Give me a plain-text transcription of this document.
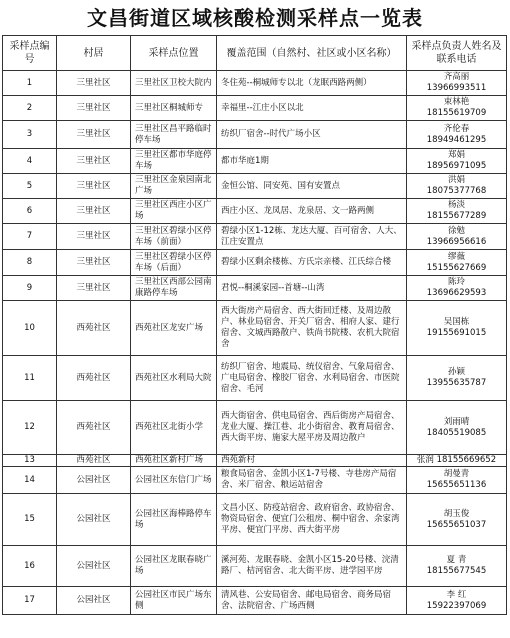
文昌街道区域核酸检测采样点一览表
采样点编号	村居	采样点位置	覆盖范围（自然村、社区或小区名称）	采样点负责人姓名及联系电话
1	三里社区	三里社区卫校大院内	冬住苑--桐城师专以北（龙眠西路两侧）	齐高丽
13966993511

2	三里社区	三里社区桐城师专	幸福里--江庄小区以北	束林艳
18155619709

3	三里社区	三里社区昌平路临时停车场	纺织厂宿舍--时代广场小区	齐伦春
18949461295

4	三里社区	三里社区都市华庭停车场	都市华庭1期	郑娟
18956971095

5	三里社区	三里社区金泉园南北广场	金恒公馆、同安苑、国有安置点	洪娟
18075377768

6	三里社区	三里社区西庄小区广场	西庄小区、龙凤居、龙泉居、文一路两侧	杨淡
18155677289

7	三里社区	三里社区碧绿小区停车场（前面）	碧绿小区1-12栋、龙达大厦、百可宿舍、人大、江庄安置点	徐勉
13966956616

8	三里社区	三里社区碧绿小区停车场（后面）	碧绿小区剩余楼栋、方氏宗亲楼、江氏综合楼	缪薇
15155627669

9	三里社区	三里社区西部公园南康路停车场	君悦--桐溪家园--首塘--山湾	陈玲
13696629593

10	西苑社区	西苑社区龙安广场	西大街房产局宿舍、西大街回迁楼、及周边散户、林业局宿舍、开关厂宿舍、相府人家、建行宿舍、文城西路散户、铁尚书院楼、农机大院宿舍	吴国栋
19155691015

11	西苑社区	西苑社区水利局大院	纺织厂宿舍、地震局、统仪宿舍、气象局宿舍、广电局宿舍、橡胶厂宿舍、水利局宿舍、市医院宿舍、毛河	孙颖
13955635787

12	西苑社区	西苑社区北街小学	西大街宿舍、供电局宿舍、西后街房产局宿舍、龙业大厦、操江巷、北小街宿舍、教育局宿舍、西大街平房、施家大屋平房及周边散户	刘雨晴
18405519085

13	西苑社区	西苑社区新村广场	西苑新村	张润 18155669652
14	公园社区	公园社区东信门广场	粮食局宿舍、金凯小区1-7号楼、寺巷房产局宿舍、米厂宿舍、粮运站宿舍	胡曼青
15655651136

15	公园社区	公园社区海棒路停车场	文昌小区、防疫站宿舍、政府宿舍、政协宿舍、物资局宿舍、便宜门公租房、桐中宿舍、余家湾平房、便宜门平房、西大街平房	胡玉俊
15655651037

16	公园社区	公园社区龙眠春晓广场	溪河苑、龙眠春晓、金凯小区15-20号楼、浣清路厂、桔河宿舍、北大街平房、进学园平房	夏 青
18155677545

17	公园社区	公园社区市民广场东侧	清风巷、公安局宿舍、邮电局宿舍、商务局宿舍、法院宿舍、广场西侧	李 红
15922397069
